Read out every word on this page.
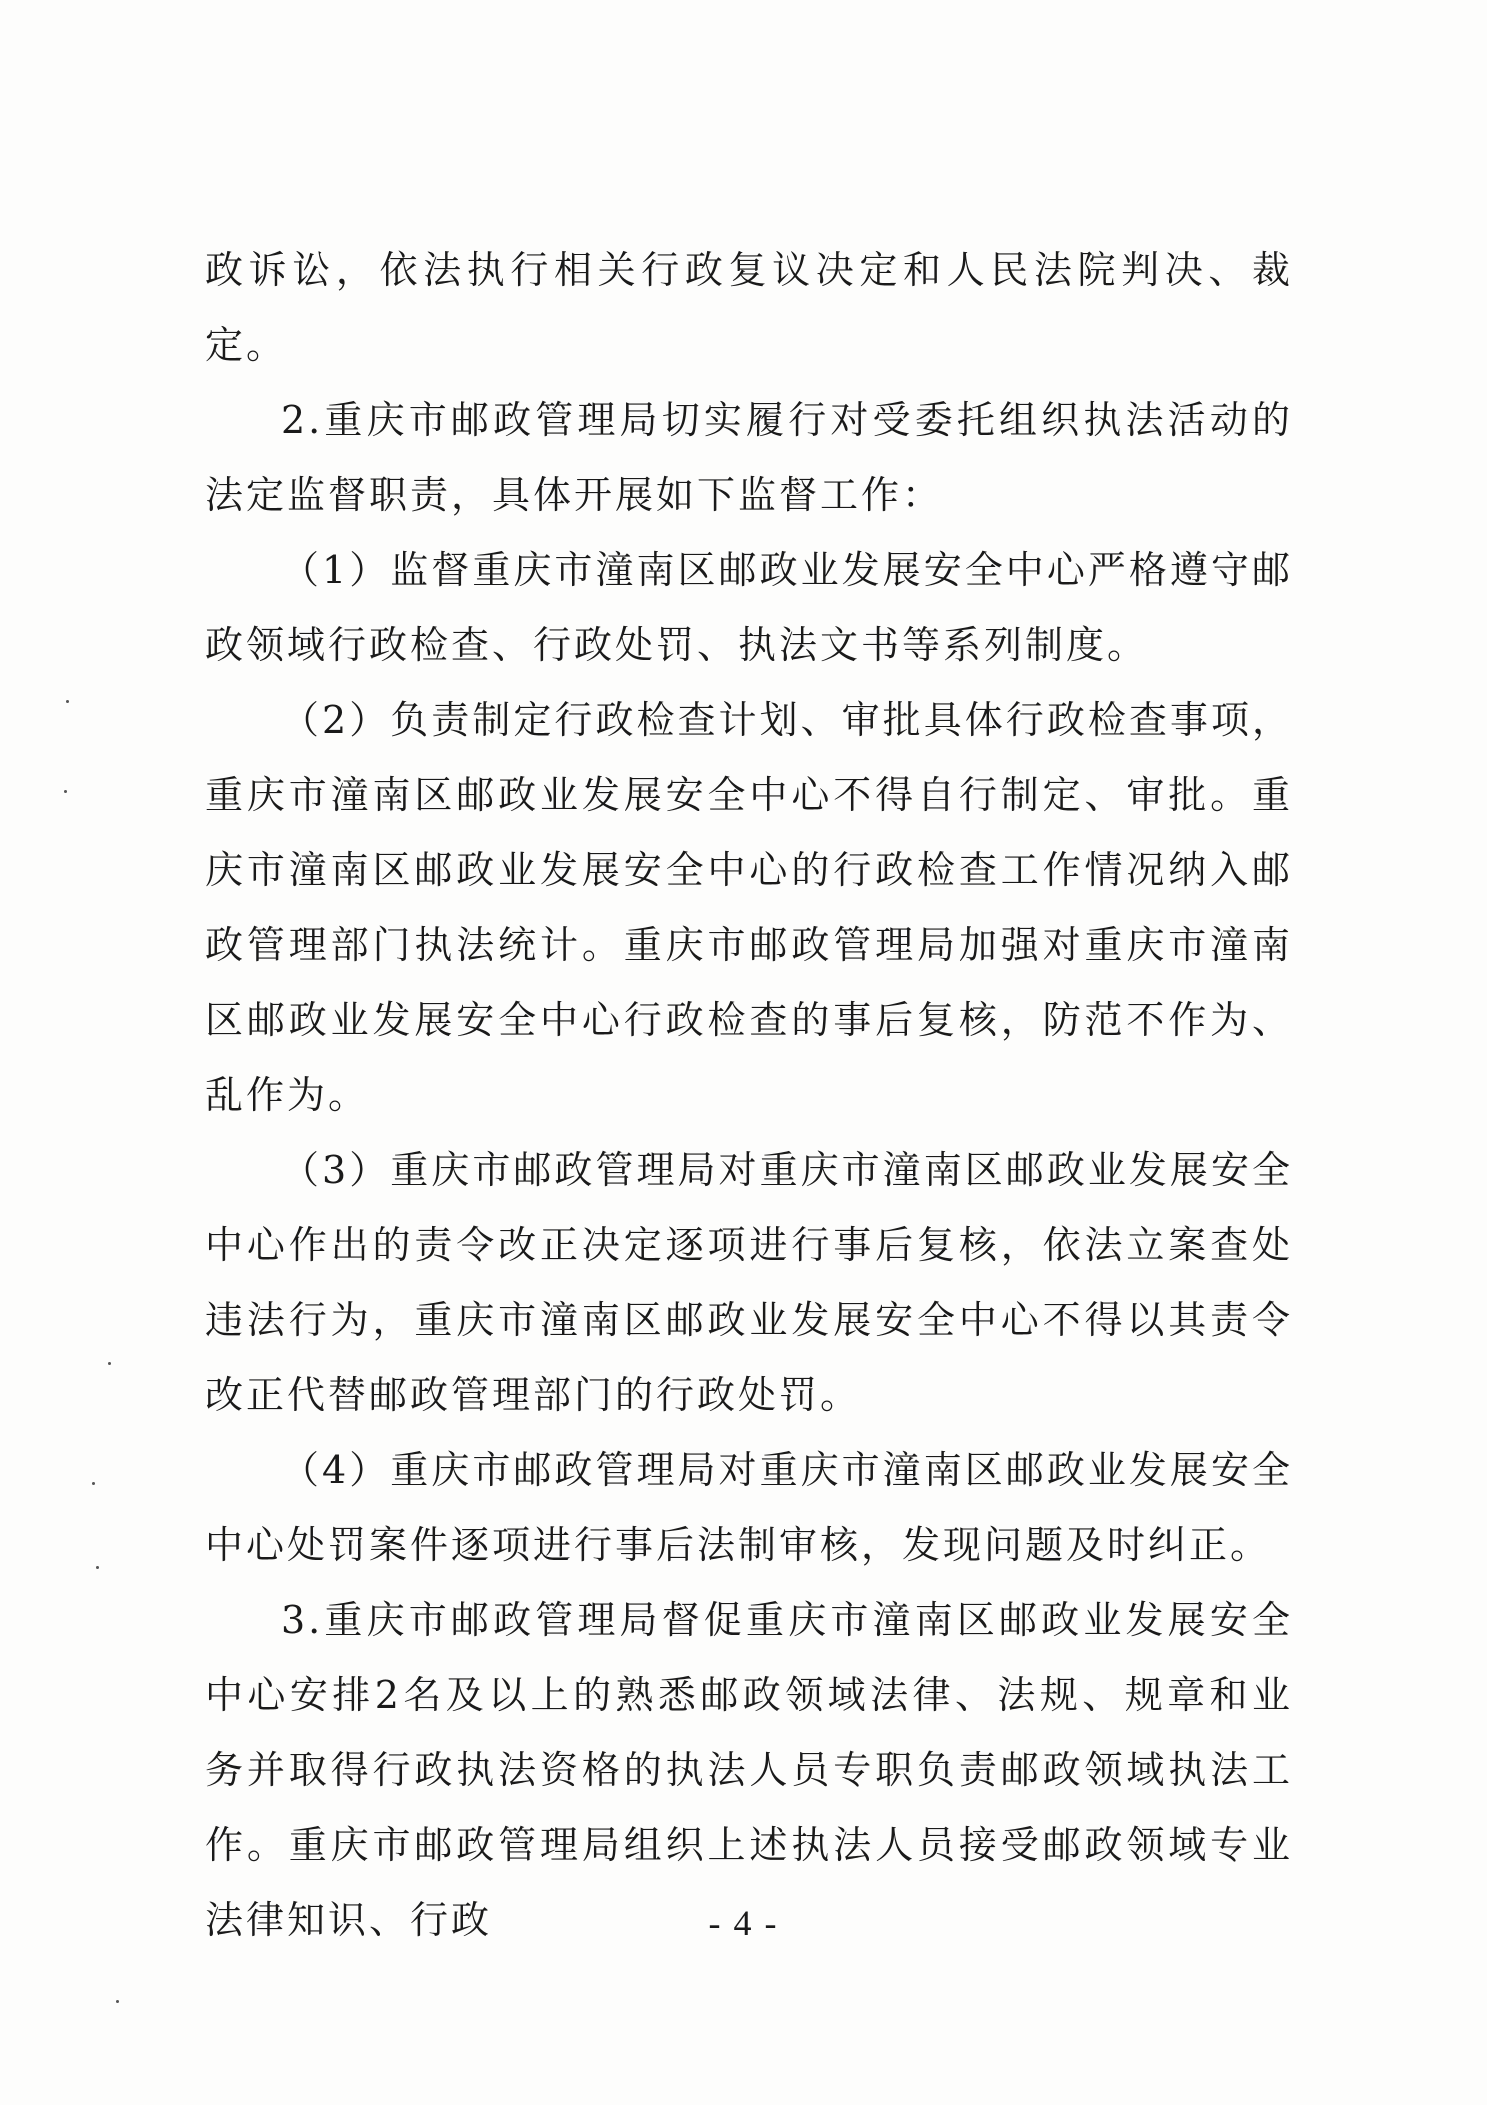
政诉讼，依法执行相关行政复议决定和人民法院判决、裁定。

2.重庆市邮政管理局切实履行对受委托组织执法活动的法定监督职责，具体开展如下监督工作：

（1）监督重庆市潼南区邮政业发展安全中心严格遵守邮政领域行政检查、行政处罚、执法文书等系列制度。

（2）负责制定行政检查计划、审批具体行政检查事项，重庆市潼南区邮政业发展安全中心不得自行制定、审批。重庆市潼南区邮政业发展安全中心的行政检查工作情况纳入邮政管理部门执法统计。重庆市邮政管理局加强对重庆市潼南区邮政业发展安全中心行政检查的事后复核，防范不作为、乱作为。

（3）重庆市邮政管理局对重庆市潼南区邮政业发展安全中心作出的责令改正决定逐项进行事后复核，依法立案查处违法行为，重庆市潼南区邮政业发展安全中心不得以其责令改正代替邮政管理部门的行政处罚。

（4）重庆市邮政管理局对重庆市潼南区邮政业发展安全中心处罚案件逐项进行事后法制审核，发现问题及时纠正。

3.重庆市邮政管理局督促重庆市潼南区邮政业发展安全中心安排2名及以上的熟悉邮政领域法律、法规、规章和业务并取得行政执法资格的执法人员专职负责邮政领域执法工作。重庆市邮政管理局组织上述执法人员接受邮政领域专业法律知识、行政	- 4 -
